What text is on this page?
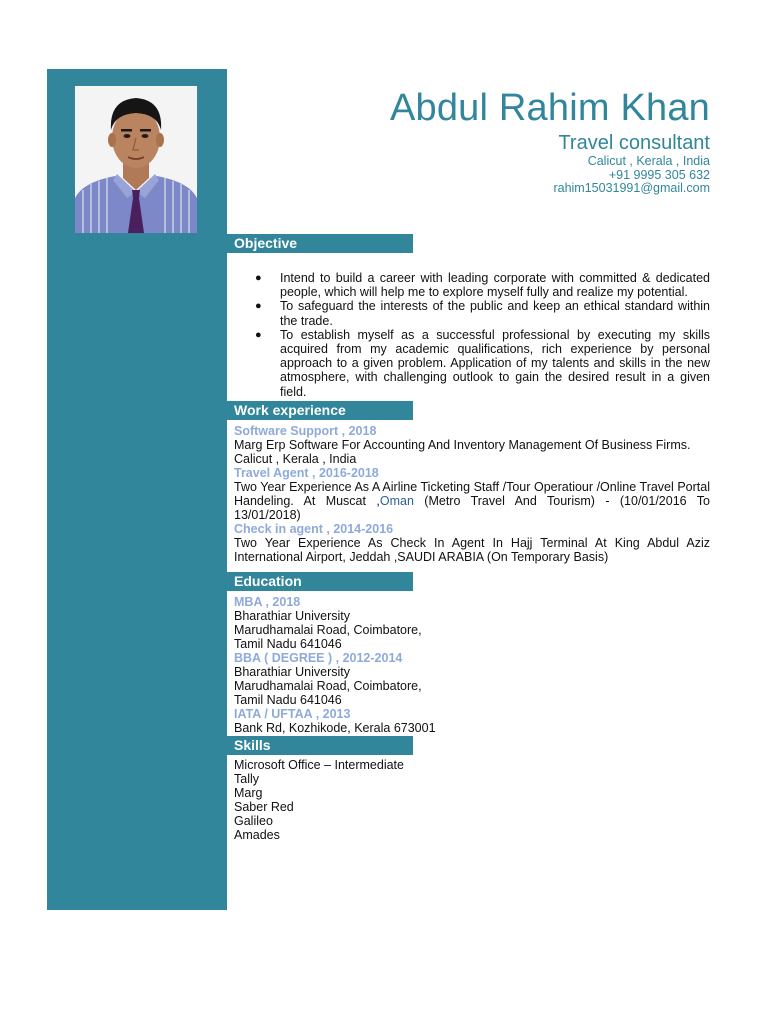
Abdul Rahim Khan
Travel consultant
Calicut , Kerala , India
+91 9995 305 632
rahim15031991@gmail.com
Objective
● Intend to build a career with leading corporate with committed & dedicated people, which will help me to explore myself fully and realize my potential.
● To safeguard the interests of the public and keep an ethical standard within the trade.
● To establish myself as a successful professional by executing my skills acquired from my academic qualifications, rich experience by personal approach to a given problem. Application of my talents and skills in the new atmosphere, with challenging outlook to gain the desired result in a given field.
Work experience
Software Support , 2018
Marg Erp Software For Accounting And Inventory Management Of Business Firms.
Calicut , Kerala , India
Travel Agent , 2016-2018
Two Year Experience As A Airline Ticketing Staff /Tour Operatiour /Online Travel Portal Handeling. At Muscat ,Oman (Metro Travel And Tourism) - (10/01/2016 To 13/01/2018)
Check in agent , 2014-2016
Two Year Experience As Check In Agent In Hajj Terminal At King Abdul Aziz International Airport, Jeddah ,SAUDI ARABIA (On Temporary Basis)
Education
MBA , 2018
Bharathiar University
Marudhamalai Road, Coimbatore,
Tamil Nadu 641046
BBA ( DEGREE ) , 2012-2014
Bharathiar University
Marudhamalai Road, Coimbatore,
Tamil Nadu 641046
IATA / UFTAA , 2013
Bank Rd, Kozhikode, Kerala 673001
Skills
Microsoft Office – Intermediate
Tally
Marg
Saber Red
Galileo
Amades
